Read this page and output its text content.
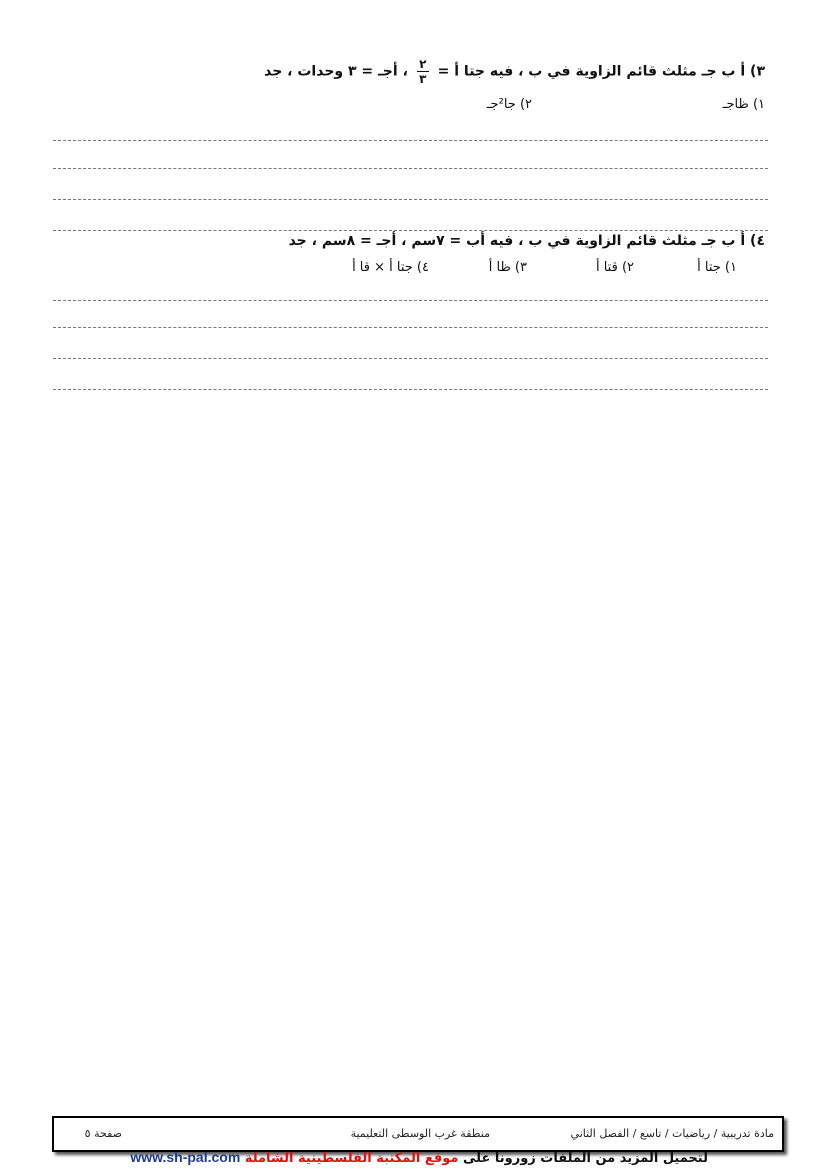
٣) أ ب جـ مثلث قائم الزاوية في ب ، فيه جتا أ =
$\frac{٢}{٣}$
، أجـ = ٣ وحدات ، جد
١) ظاجـ
٢) جا²جـ
٤) أ ب جـ مثلث قائم الزاوية في ب ، فيه أب = ٧سم ، أجـ = ٨سم ، جد
١) جتا أ
٢) قتا أ
٣) ظا أ
٤) جتا أ × قا أ
مادة تدريبية / رياضيات / تاسع / الفصل الثاني
منطقة غرب الوسطى التعليمية
صفحة ٥
لتحميل المزيد من الملفات زورونا على موقع المكتبة الفلسطينية الشاملة www.sh-pal.com
